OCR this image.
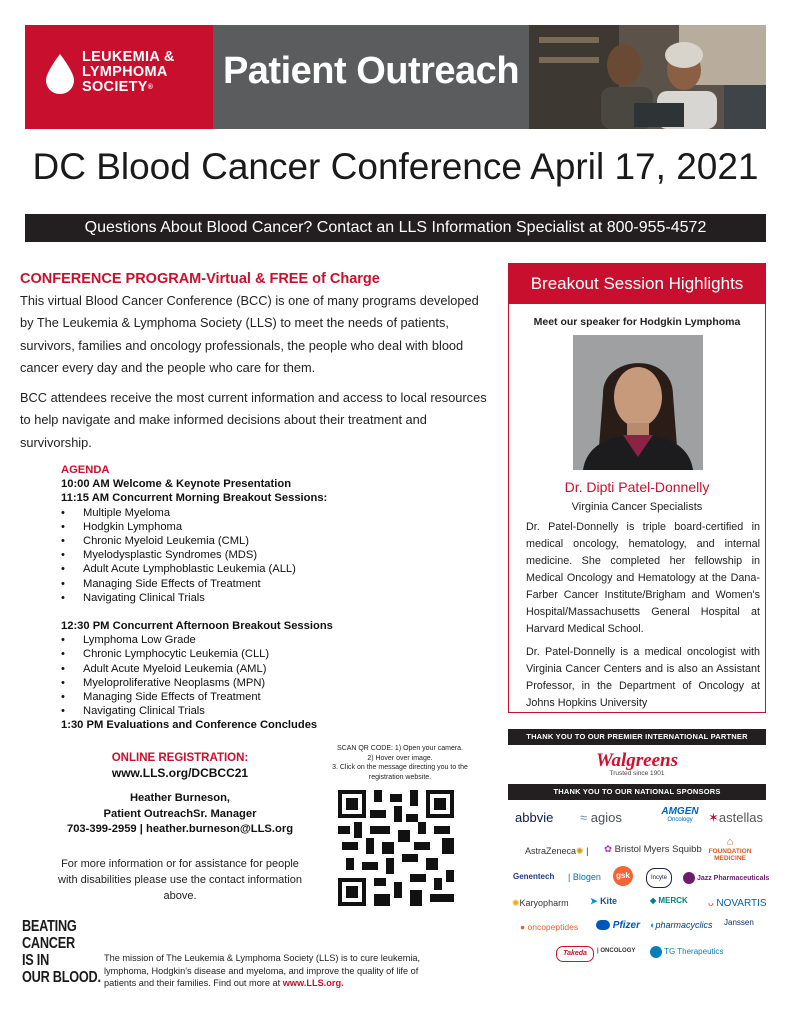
LEUKEMIA &
LYMPHOMA
SOCIETY®	Patient Outreach
DC Blood Cancer Conference April 17, 2021
Questions About Blood Cancer? Contact an LLS Information Specialist at 800-955-4572
CONFERENCE PROGRAM-Virtual & FREE of Charge
This virtual Blood Cancer Conference (BCC) is one of many programs developed by The Leukemia & Lymphoma Society (LLS) to meet the needs of patients, survivors, families and oncology professionals, the people who deal with blood cancer every day and the people who care for them.
BCC attendees receive the most current information and access to local resources to help navigate and make informed decisions about their treatment and survivorship.
AGENDA
10:00 AM Welcome & Keynote Presentation
11:15 AM Concurrent Morning Breakout Sessions:
• Multiple Myeloma
• Hodgkin Lymphoma
• Chronic Myeloid Leukemia (CML)
• Myelodysplastic Syndromes (MDS)
• Adult Acute Lymphoblastic Leukemia (ALL)
• Managing Side Effects of Treatment
• Navigating Clinical Trials
12:30 PM Concurrent Afternoon Breakout Sessions
• Lymphoma Low Grade
• Chronic Lymphocytic Leukemia (CLL)
• Adult Acute Myeloid Leukemia (AML)
• Myeloproliferative Neoplasms (MPN)
• Managing Side Effects of Treatment
• Navigating Clinical Trials
1:30 PM Evaluations and Conference Concludes
ONLINE REGISTRATION:
www.LLS.org/DCBCC21
Heather Burneson,
Patient OutreachSr. Manager
703-399-2959 | heather.burneson@LLS.org
For more information or for assistance for people with disabilities please use the contact information above.
SCAN QR CODE: 1) Open your camera.
2) Hover over image.
3. Click on the message directing you to the registration website.
BEATING
CANCER
IS IN
OUR BLOOD.
The mission of The Leukemia & Lymphoma Society (LLS) is to cure leukemia, lymphoma, Hodgkin's disease and myeloma, and improve the quality of life of patients and their families. Find out more at www.LLS.org.
Breakout Session Highlights
Meet our speaker for Hodgkin Lymphoma
Dr. Dipti Patel-Donnelly
Virginia Cancer Specialists

Dr. Patel-Donnelly is triple board-certified in medical oncology, hematology, and internal medicine. She completed her fellowship in Medical Oncology and Hematology at the Dana-Farber Cancer Institute/Brigham and Women's Hospital/Massachusetts General Hospital at Harvard Medical School.

Dr. Patel-Donnelly is a medical oncologist with Virginia Cancer Centers and is also an Assistant Professor, in the Department of Oncology at Johns Hopkins University

THANK YOU TO OUR PREMIER INTERNATIONAL PARTNER
Walgreens
Trusted since 1901
THANK YOU TO OUR NATIONAL SPONSORS
abbvie ≈ agios	AMGEN
Oncology	✶astellas
AstraZeneca✺ | ✿ Bristol Myers Squibb
⌂
FOUNDATION
MEDICINE
Genentech | Blogen	gsk	Incyte	Jazz Pharmaceuticals
✺Karyopharm ➤ Kite	◆ MERCK ᴗ NOVARTIS
● oncopeptides	Pfizer ◐pharmacyclics Janssen
Takeda	| ONCOLOGY	TG Therapeutics
